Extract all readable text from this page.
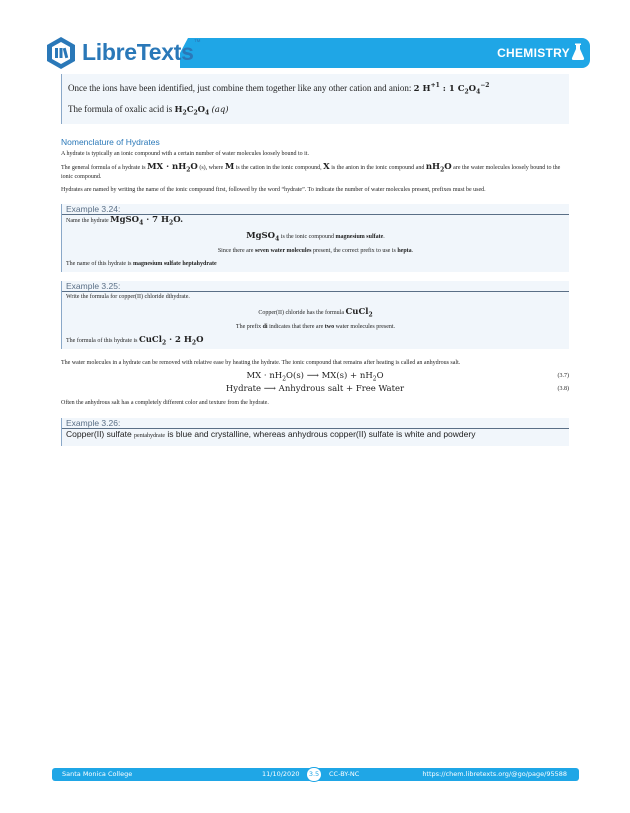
LibreTexts™
CHEMISTRY
Once the ions have been identified, just combine them together like any other cation and anion: 2 $H^{+1}$ : 1 $C_2O_4^{-2}$
The formula of oxalic acid is $H_2C_2O_4$ (aq)
Nomenclature of Hydrates

A hydrate is typically an ionic compound with a certain number of water molecules loosely bound to it.

The general formula of a hydrate is MX · $nH_2O$ (s), where M is the cation in the ionic compound, X is the anion in the ionic compound and $nH_2O$ are the water molecules loosely bound to the ionic compound.

Hydrates are named by writing the name of the ionic compound first, followed by the word “hydrate”. To indicate the number of water molecules present, prefixes must be used.

Example 3.24:
Name the hydrate MgSO$_4$ · 7 $H_2O$.
MgSO$_4$ is the ionic compound magnesium sulfate.
Since there are seven water molecules present, the correct prefix to use is hepta.
The name of this hydrate is magnesium sulfate heptahydrate
Example 3.25:
Write the formula for copper(II) chloride dihydrate.
Copper(II) chloride has the formula CuCl$_2$
The prefix di indicates that there are two water molecules present.
The formula of this hydrate is CuCl$_2$ · 2 $H_2O$

The water molecules in a hydrate can be removed with relative ease by heating the hydrate. The ionic compound that remains after heating is called an anhydrous salt.

MX · $nH_2O(s)$ ⟶ $MX(s) + nH_2O$	(3.7)
Hydrate ⟶ Anhydrous salt + Free Water	(3.8)

Often the anhydrous salt has a completely different color and texture from the hydrate.

Example 3.26:
Copper(II) sulfate pentahydrate is blue and crystalline, whereas anhydrous copper(II) sulfate is white and powdery
Santa Monica College	11/10/2020	3.5	CC-BY-NC	https://chem.libretexts.org/@go/page/95588
